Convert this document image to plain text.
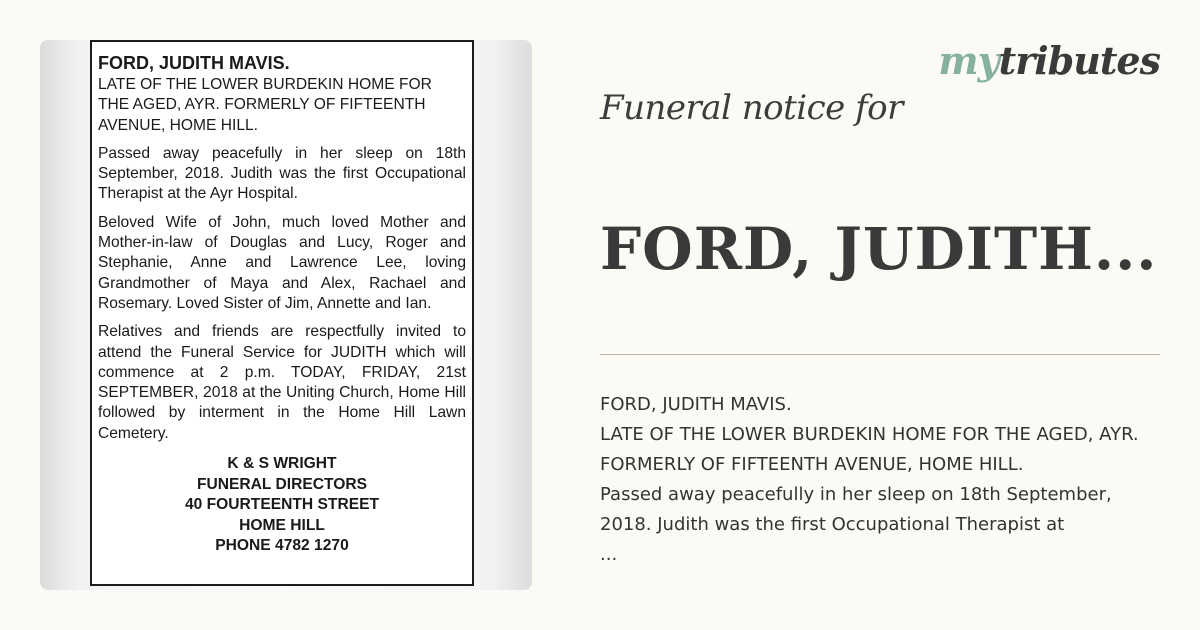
FORD, JUDITH MAVIS.

LATE OF THE LOWER BURDEKIN HOME FOR
THE AGED, AYR. FORMERLY OF FIFTEENTH
AVENUE, HOME HILL.

Passed away peacefully in her sleep on 18th September, 2018. Judith was the first Occupational Therapist at the Ayr Hospital.

Beloved Wife of John, much loved Mother and Mother-in-law of Douglas and Lucy, Roger and Stephanie, Anne and Lawrence Lee, loving Grandmother of Maya and Alex, Rachael and Rosemary. Loved Sister of Jim, Annette and Ian.

Relatives and friends are respectfully invited to attend the Funeral Service for JUDITH which will commence at 2 p.m. TODAY, FRIDAY, 21st SEPTEMBER, 2018 at the Uniting Church, Home Hill followed by interment in the Home Hill Lawn Cemetery.

K & S WRIGHT
FUNERAL DIRECTORS
40 FOURTEENTH STREET
HOME HILL
PHONE 4782 1270
mytributes
Funeral notice for
FORD, JUDITH...
FORD, JUDITH MAVIS.
LATE OF THE LOWER BURDEKIN HOME FOR THE AGED, AYR.
FORMERLY OF FIFTEENTH AVENUE, HOME HILL.
Passed away peacefully in her sleep on 18th September,
2018. Judith was the first Occupational Therapist at
...
